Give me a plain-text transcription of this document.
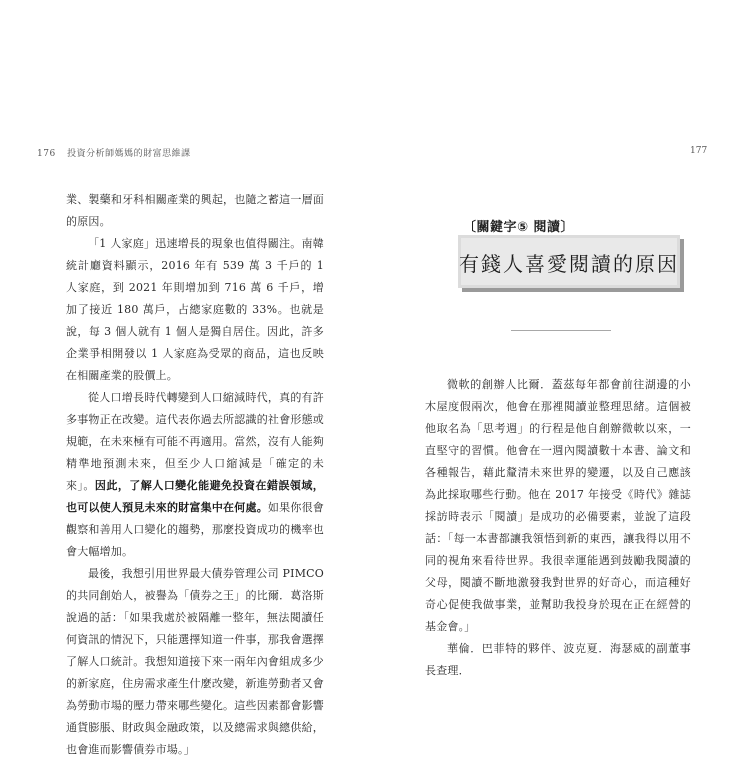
176 投資分析師媽媽的財富思維課	177

業、製藥和牙科相關產業的興起，也隨之蓄這一層面的原因。

「1 人家庭」迅速增長的現象也值得關注。南韓統計廳資料顯示，2016 年有 539 萬 3 千戶的 1 人家庭，到 2021 年則增加到 716 萬 6 千戶，增加了接近 180 萬戶，占總家庭數的 33%。也就是說，每 3 個人就有 1 個人是獨自居住。因此，許多企業爭相開發以 1 人家庭為受眾的商品，這也反映在相關產業的股價上。

從人口增長時代轉變到人口縮減時代，真的有許多事物正在改變。這代表你過去所認識的社會形態或規範，在未來極有可能不再適用。當然，沒有人能夠精準地預測未來，但至少人口縮減是「確定的未來」。因此，了解人口變化能避免投資在錯誤領域，也可以使人預見未來的財富集中在何處。如果你很會觀察和善用人口變化的趨勢，那麼投資成功的機率也會大幅增加。

最後，我想引用世界最大債券管理公司 PIMCO 的共同創始人，被譽為「債券之王」的比爾．葛洛斯說過的話：「如果我處於被隔離一整年，無法閱讀任何資訊的情況下，只能選擇知道一件事，那我會選擇了解人口統計。我想知道接下來一兩年內會組成多少的新家庭，住房需求產生什麼改變，新進勞動者又會為勞動市場的壓力帶來哪些變化。這些因素都會影響通貨膨脹、財政與金融政策，以及總需求與總供給，也會進而影響債券市場。」

〔關鍵字⑤ 閱讀〕
有錢人喜愛閱讀的原因

微軟的創辦人比爾．蓋茲每年都會前往湖邊的小木屋度假兩次，他會在那裡閱讀並整理思緒。這個被他取名為「思考週」的行程是他自創辦微軟以來，一直堅守的習慣。他會在一週內閱讀數十本書、論文和各種報告，藉此釐清未來世界的變遷，以及自己應該為此採取哪些行動。他在 2017 年接受《時代》雜誌採訪時表示「閱讀」是成功的必備要素，並說了這段話：「每一本書都讓我領悟到新的東西，讓我得以用不同的視角來看待世界。我很幸運能遇到鼓勵我閱讀的父母，閱讀不斷地激發我對世界的好奇心，而這種好奇心促使我做事業，並幫助我投身於現在正在經營的基金會。」

華倫．巴菲特的夥伴、波克夏．海瑟威的副董事長查理．
